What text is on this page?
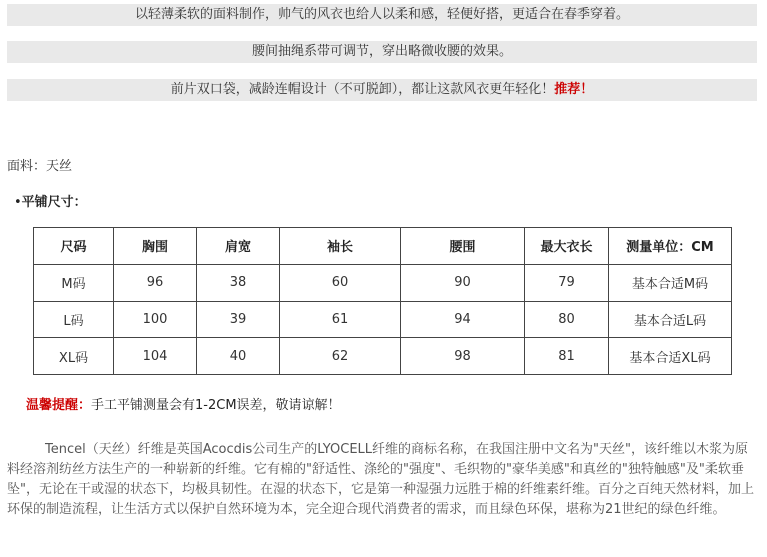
以轻薄柔软的面料制作，帅气的风衣也给人以柔和感，轻便好搭，更适合在春季穿着。
腰间抽绳系带可调节，穿出略微收腰的效果。
前片双口袋，减龄连帽设计（不可脱卸），都让这款风衣更年轻化！推荐！
面料：天丝
•平铺尺寸：
尺码	胸围	肩宽	袖长	腰围	最大衣长	测量单位：CM
M码	96	38	60	90	79	基本合适M码
L码	100	39	61	94	80	基本合适L码
XL码	104	40	62	98	81	基本合适XL码
温馨提醒：手工平铺测量会有1-2CM误差，敬请谅解！
Tencel（天丝）纤维是英国Acocdis公司生产的LYOCELL纤维的商标名称，在我国注册中文名为"天丝"，该纤维以木浆为原料经溶剂纺丝方法生产的一种崭新的纤维。它有棉的"舒适性、涤纶的"强度"、毛织物的"豪华美感"和真丝的"独特触感"及"柔软垂坠"，无论在干或湿的状态下，均极具韧性。在湿的状态下，它是第一种湿强力远胜于棉的纤维素纤维。百分之百纯天然材料，加上环保的制造流程，让生活方式以保护自然环境为本，完全迎合现代消费者的需求，而且绿色环保，堪称为21世纪的绿色纤维。
